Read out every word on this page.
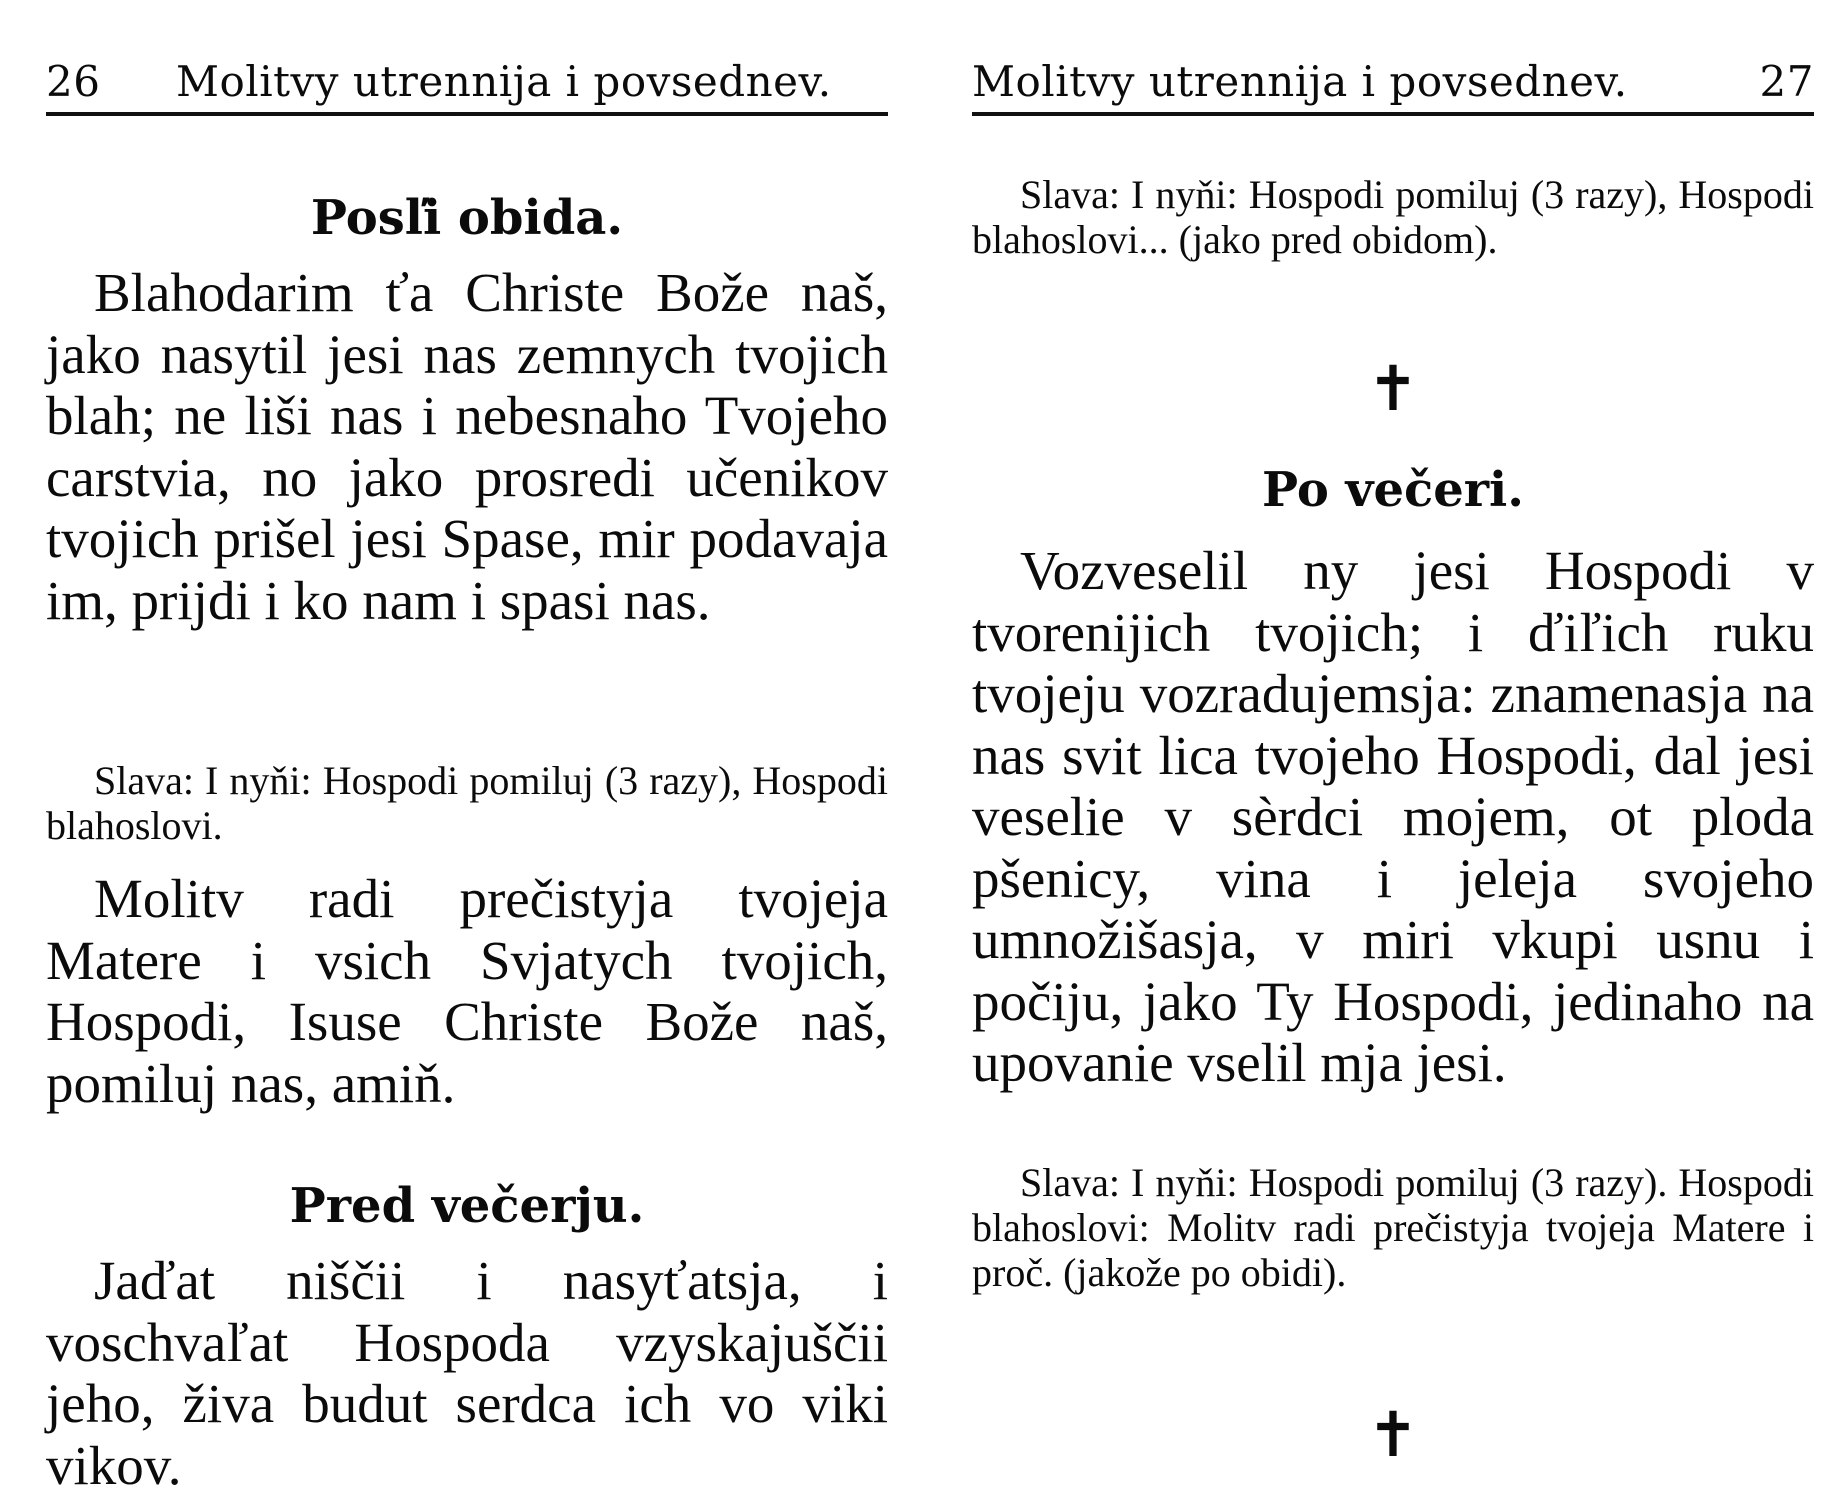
26 Molitvy utrennija i povsednev.
Posľi obida.

Blahodarim ťa Christe Bože naš, jako nasytil jesi nas zemnych tvojich blah; ne liši nas i nebesnaho Tvojeho carstvia, no jako prosredi učenikov tvojich prišel jesi Spase, mir podavaja im, prijdi i ko nam i spasi nas.

Slava: I nyňi: Hospodi pomiluj (3 razy), Hospodi blahoslovi.

Molitv radi prečistyja tvojeja Matere i vsich Svjatych tvojich, Hospodi, Isuse Christe Bože naš, pomiluj nas, amiň.

Pred večerju.

Jaďat niščii i nasyťatsja, i voschvaľat Hospoda vzyskajuščii jeho, živa budut serdca ich vo viki vikov.

Molitvy utrennija i povsednev.	27

Slava: I nyňi: Hospodi pomiluj (3 razy), Hospodi blahoslovi... (jako pred obidom).

✝
Po večeri.

Vozveselil ny jesi Hospodi v tvorenijich tvojich; i ďiľich ruku tvojeju vozradujemsja: znamenasja na nas svit lica tvojeho Hospodi, dal jesi veselie v sèrdci mojem, ot ploda pšenicy, vina i jeleja svojeho umnožišasja, v miri vkupi usnu i počiju, jako Ty Hospodi, jedinaho na upovanie vselil mja jesi.

Slava: I nyňi: Hospodi pomiluj (3 razy). Hospodi blahoslovi: Molitv radi prečistyja tvojeja Matere i proč. (jakože po obidi).

✝
